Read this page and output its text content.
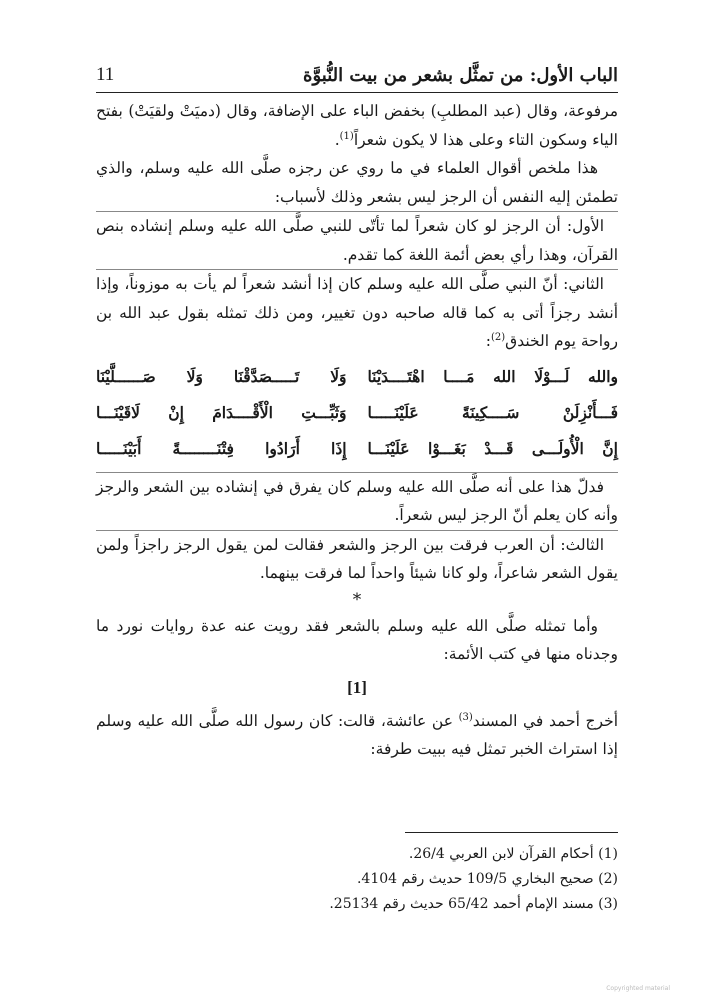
الباب الأول: من تمثَّل بشعر من بيت النُّبوَّة
11

مرفوعة، وقال (عبد المطلبِ) بخفض الباء على الإضافة، وقال (دميَتْ ولقيَتْ) بفتح الياء وسكون التاء وعلى هذا لا يكون شعراً$^{(1)}$.

هذا ملخص أقوال العلماء في ما روي عن رجزه صلَّى الله عليه وسلم، والذي تطمئن إليه النفس أن الرجز ليس بشعر وذلك لأسباب:

الأول: أن الرجز لو كان شعراً لما تأتّى للنبي صلَّى الله عليه وسلم إنشاده بنص القرآن، وهذا رأي بعض أئمة اللغة كما تقدم.

الثاني: أنّ النبي صلَّى الله عليه وسلم كان إذا أنشد شعراً لم يأت به موزوناً، وإذا أنشد رجزاً أتى به كما قاله صاحبه دون تغيير، ومن ذلك تمثله بقول عبد الله بن رواحة يوم الخندق$^{(2)}$:

والله لَـــوْلَا الله مَــــا اهْتَــــدَيْنَا
وَلَا تَـــــصَدَّقْنَا وَلَا صَــــــلَّيْنَا
فَـــأَنْزِلَنْ سَــــكِينَةً عَلَيْنَـــــا
وَثَبِّـــتِ الْأَقْــــدَامَ إِنْ لَاقَيْنَـــا
إِنَّ الْأُولَـــى قَـــدْ بَغَـــوْا عَلَيْنَـــا
إِذَا أَرَادُوا فِتْنَــــــــةً أَبَيْنَـــــا

فدلّ هذا على أنه صلَّى الله عليه وسلم كان يفرق في إنشاده بين الشعر والرجز وأنه كان يعلم أنّ الرجز ليس شعراً.

الثالث: أن العرب فرقت بين الرجز والشعر فقالت لمن يقول الرجز راجزاً ولمن يقول الشعر شاعراً، ولو كانا شيئاً واحداً لما فرقت بينهما.

*

وأما تمثله صلَّى الله عليه وسلم بالشعر فقد رويت عنه عدة روايات نورد ما وجدناه منها في كتب الأئمة:

[1]

أخرج أحمد في المسند$^{(3)}$ عن عائشة، قالت: كان رسول الله صلَّى الله عليه وسلم إذا استراث الخبر تمثل فيه ببيت طرفة:

(1) أحكام القرآن لابن العربي 26/4.
(2) صحيح البخاري 109/5 حديث رقم 4104.
(3) مسند الإمام أحمد 65/42 حديث رقم 25134.
Copyrighted material
